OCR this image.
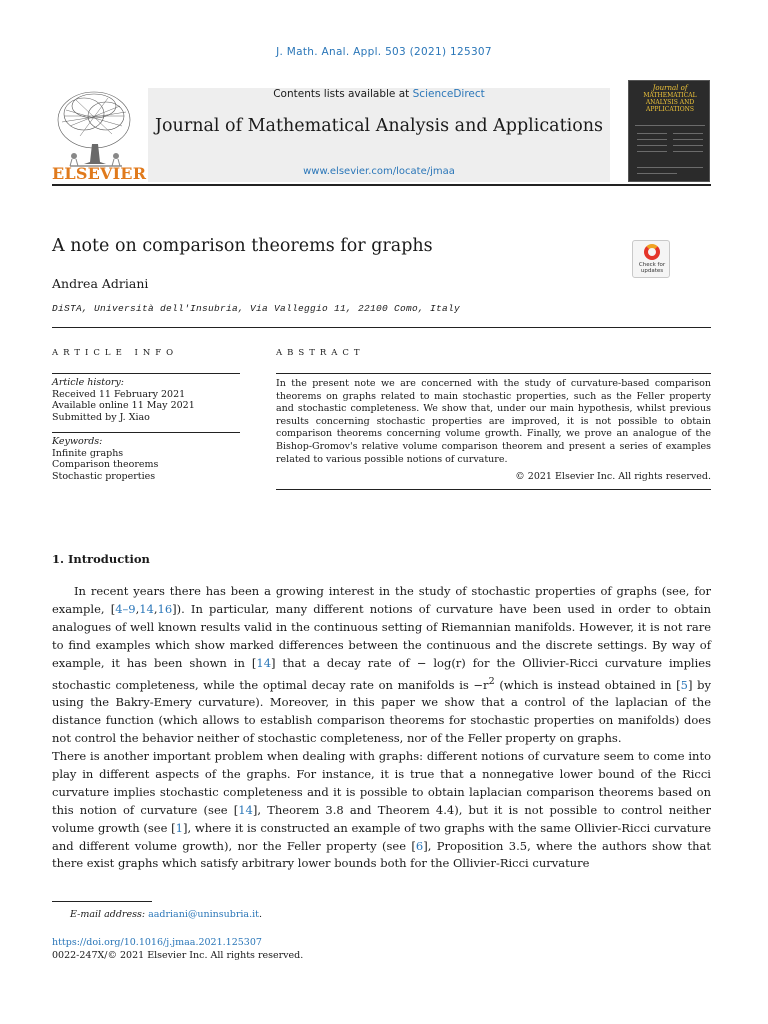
J. Math. Anal. Appl. 503 (2021) 125307
Contents lists available at ScienceDirect
Journal of Mathematical Analysis and Applications
www.elsevier.com/locate/jmaa
ELSEVIER
Journal of
MATHEMATICAL ANALYSIS AND APPLICATIONS
A note on comparison theorems for graphs
Check for
updates
Andrea Adriani
DiSTA, Università dell'Insubria, Via Valleggio 11, 22100 Como, Italy
ARTICLE INFO	ABSTRACT
Article history:
Received 11 February 2021
Available online 11 May 2021
Submitted by J. Xiao
Keywords:
Infinite graphs
Comparison theorems
Stochastic properties
In the present note we are concerned with the study of curvature-based comparison theorems on graphs related to main stochastic properties, such as the Feller property and stochastic completeness. We show that, under our main hypothesis, whilst previous results concerning stochastic properties are improved, it is not possible to obtain comparison theorems concerning volume growth. Finally, we prove an analogue of the Bishop-Gromov's relative volume comparison theorem and present a series of examples related to various possible notions of curvature.
© 2021 Elsevier Inc. All rights reserved.
1. Introduction

In recent years there has been a growing interest in the study of stochastic properties of graphs (see, for example, [4–9,14,16]). In particular, many different notions of curvature have been used in order to obtain analogues of well known results valid in the continuous setting of Riemannian manifolds. However, it is not rare to find examples which show marked differences between the continuous and the discrete settings. By way of example, it has been shown in [14] that a decay rate of − log(r) for the Ollivier-Ricci curvature implies stochastic completeness, while the optimal decay rate on manifolds is $-r^2$ (which is instead obtained in [5] by using the Bakry-Emery curvature). Moreover, in this paper we show that a control of the laplacian of the distance function (which allows to establish comparison theorems for stochastic properties on manifolds) does not control the behavior neither of stochastic completeness, nor of the Feller property on graphs.

There is another important problem when dealing with graphs: different notions of curvature seem to come into play in different aspects of the graphs. For instance, it is true that a nonnegative lower bound of the Ricci curvature implies stochastic completeness and it is possible to obtain laplacian comparison theorems based on this notion of curvature (see [14], Theorem 3.8 and Theorem 4.4), but it is not possible to control neither volume growth (see [1], where it is constructed an example of two graphs with the same Ollivier-Ricci curvature and different volume growth), nor the Feller property (see [6], Proposition 3.5, where the authors show that there exist graphs which satisfy arbitrary lower bounds both for the Ollivier-Ricci curvature

E-mail address: aadriani@uninsubria.it.
https://doi.org/10.1016/j.jmaa.2021.125307
0022-247X/© 2021 Elsevier Inc. All rights reserved.
